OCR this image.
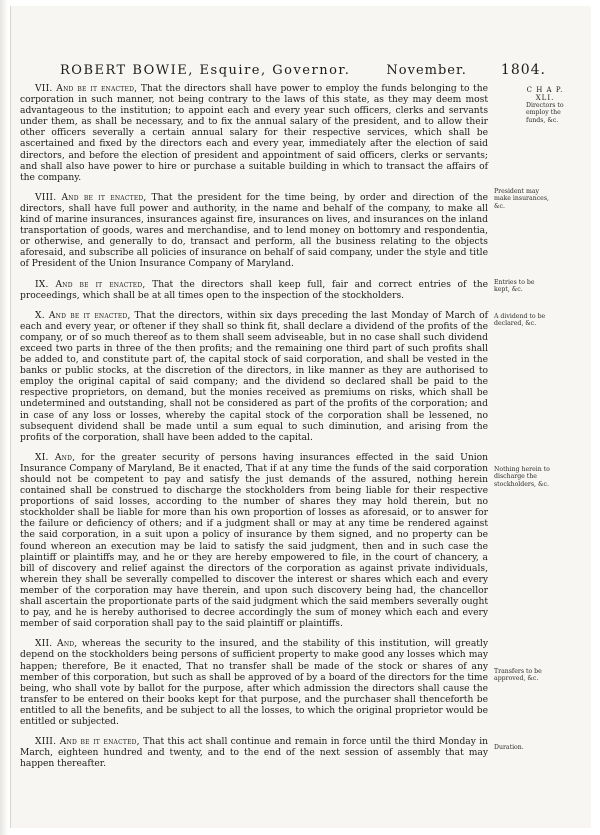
ROBERT BOWIE, Esquire, Governor.	November. 1804.
C H A P.
XLI.

VII. And be it enacted, That the directors shall have power to employ the funds belonging to the corporation in such manner, not being contrary to the laws of this state, as they may deem most advantageous to the institution; to appoint each and every year such officers, clerks and servants under them, as shall be necessary, and to fix the annual salary of the president, and to allow their other officers severally a certain annual salary for their respective services, which shall be ascertained and fixed by the directors each and every year, immediately after the election of said directors, and before the election of president and appointment of said officers, clerks or servants; and shall also have power to hire or purchase a suitable building in which to transact the affairs of the company.

VIII. And be it enacted, That the president for the time being, by order and direction of the directors, shall have full power and authority, in the name and behalf of the company, to make all kind of marine insurances, insurances against fire, insurances on lives, and insurances on the inland transportation of goods, wares and merchandise, and to lend money on bottomry and respondentia, or otherwise, and generally to do, transact and perform, all the business relating to the objects aforesaid, and subscribe all policies of insurance on behalf of said company, under the style and title of President of the Union Insurance Company of Maryland.

IX. And be it enacted, That the directors shall keep full, fair and correct entries of the proceedings, which shall be at all times open to the inspection of the stockholders.

X. And be it enacted, That the directors, within six days preceding the last Monday of March of each and every year, or oftener if they shall so think fit, shall declare a dividend of the profits of the company, or of so much thereof as to them shall seem adviseable, but in no case shall such dividend exceed two parts in three of the then profits; and the remaining one third part of such profits shall be added to, and constitute part of, the capital stock of said corporation, and shall be vested in the banks or public stocks, at the discretion of the directors, in like manner as they are authorised to employ the original capital of said company; and the dividend so declared shall be paid to the respective proprietors, on demand, but the monies received as premiums on risks, which shall be undetermined and outstanding, shall not be considered as part of the profits of the corporation; and in case of any loss or losses, whereby the capital stock of the corporation shall be lessened, no subsequent dividend shall be made until a sum equal to such diminution, and arising from the profits of the corporation, shall have been added to the capital.

XI. And, for the greater security of persons having insurances effected in the said Union Insurance Company of Maryland, Be it enacted, That if at any time the funds of the said corporation should not be competent to pay and satisfy the just demands of the assured, nothing herein contained shall be construed to discharge the stockholders from being liable for their respective proportions of said losses, according to the number of shares they may hold therein, but no stockholder shall be liable for more than his own proportion of losses as aforesaid, or to answer for the failure or deficiency of others; and if a judgment shall or may at any time be rendered against the said corporation, in a suit upon a policy of insurance by them signed, and no property can be found whereon an execution may be laid to satisfy the said judgment, then and in such case the plaintiff or plaintiffs may, and he or they are hereby empowered to file, in the court of chancery, a bill of discovery and relief against the directors of the corporation as against private individuals, wherein they shall be severally compelled to discover the interest or shares which each and every member of the corporation may have therein, and upon such discovery being had, the chancellor shall ascertain the proportionate parts of the said judgment which the said members severally ought to pay, and he is hereby authorised to decree accordingly the sum of money which each and every member of said corporation shall pay to the said plaintiff or plaintiffs.

XII. And, whereas the security to the insured, and the stability of this institution, will greatly depend on the stockholders being persons of sufficient property to make good any losses which may happen; therefore, Be it enacted, That no transfer shall be made of the stock or shares of any member of this corporation, but such as shall be approved of by a board of the directors for the time being, who shall vote by ballot for the purpose, after which admission the directors shall cause the transfer to be entered on their books kept for that purpose, and the purchaser shall thenceforth be entitled to all the benefits, and be subject to all the losses, to which the original proprietor would be entitled or subjected.

XIII. And be it enacted, That this act shall continue and remain in force until the third Monday in March, eighteen hundred and twenty, and to the end of the next session of assembly that may happen thereafter.

Directors to employ the funds, &c.
President may make insurances, &c.
Entries to be kept, &c.
A dividend to be declared, &c.
Nothing herein to discharge the stockholders, &c.
Transfers to be approved, &c.
Duration.
